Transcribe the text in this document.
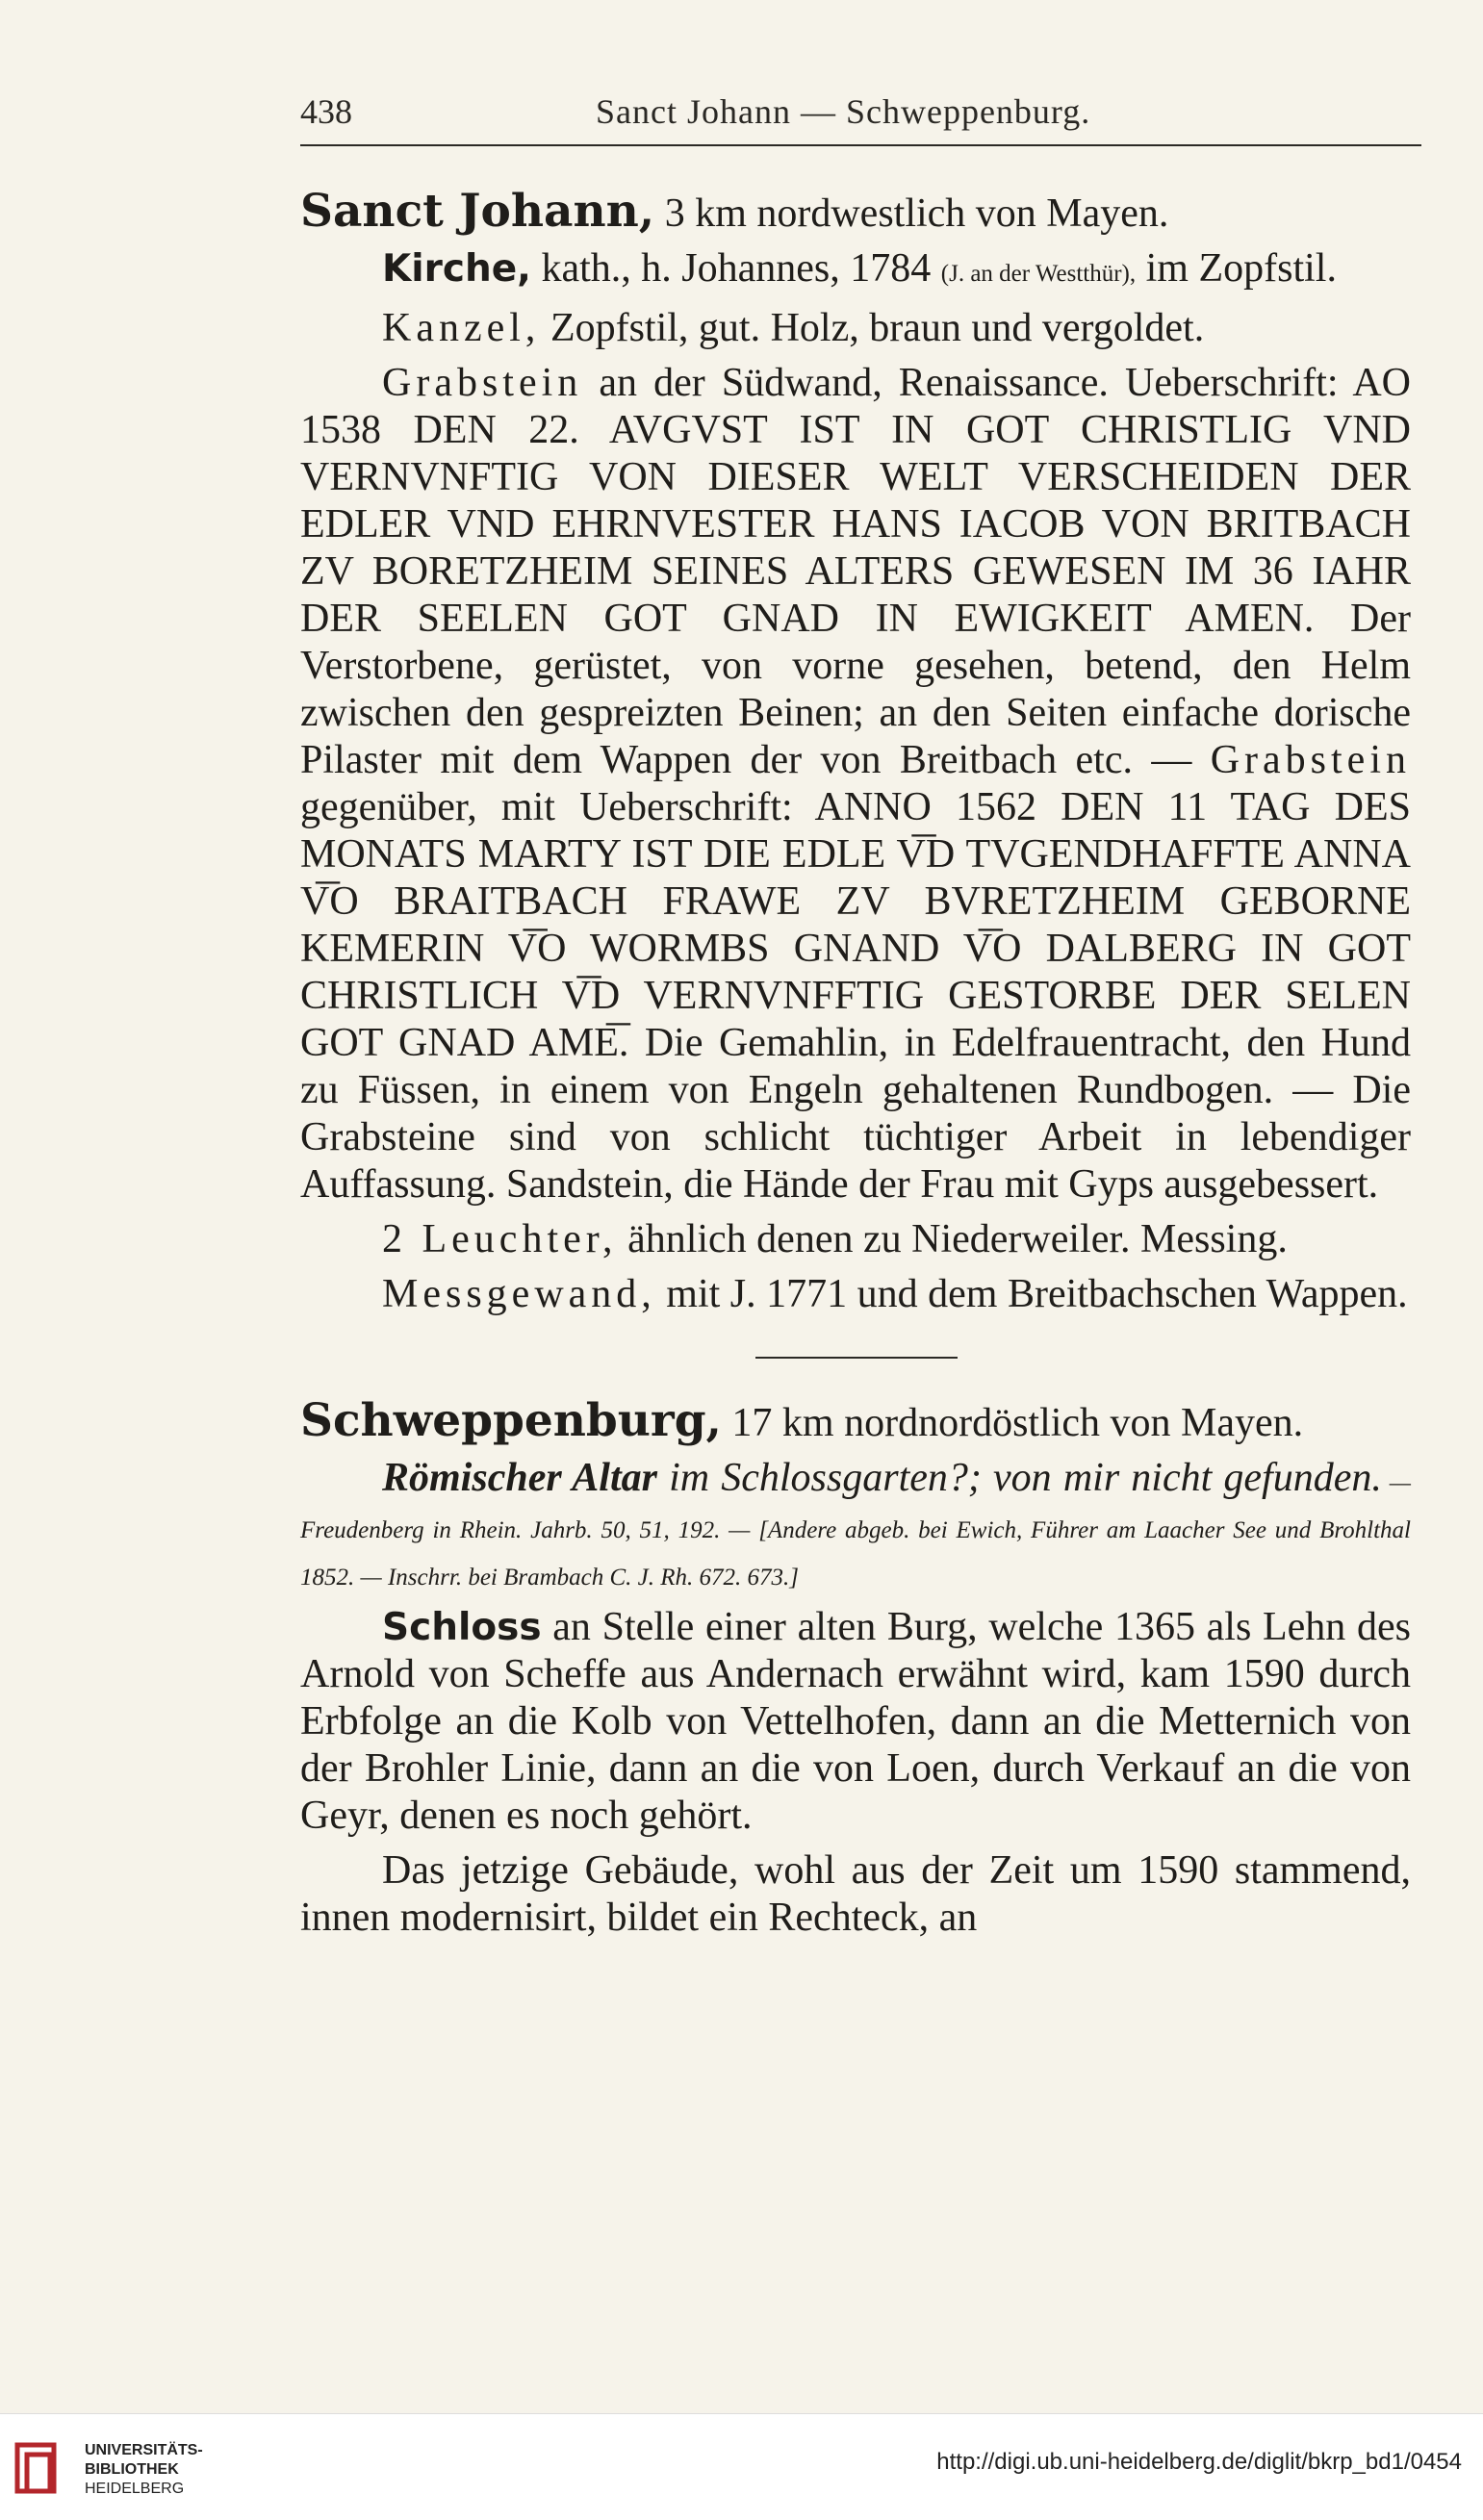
438	Sanct Johann — Schweppenburg.

Sanct Johann, 3 km nordwestlich von Mayen.

Kirche, kath., h. Johannes, 1784 (J. an der Westthür), im Zopfstil.

Kanzel, Zopfstil, gut. Holz, braun und vergoldet.

Grabstein an der Südwand, Renaissance. Ueberschrift: AO 1538 DEN 22. AVGVST IST IN GOT CHRISTLIG VND VERNVNFTIG VON DIESER WELT VERSCHEIDEN DER EDLER VND EHRNVESTER HANS IACOB VON BRITBACH ZV BORETZHEIM SEINES ALTERS GEWESEN IM 36 IAHR DER SEELEN GOT GNAD IN EWIGKEIT AMEN. Der Verstorbene, gerüstet, von vorne gesehen, betend, den Helm zwischen den gespreizten Beinen; an den Seiten einfache dorische Pilaster mit dem Wappen der von Breitbach etc. — Grabstein gegenüber, mit Ueberschrift: ANNO 1562 DEN 11 TAG DES MONATS MARTY IST DIE EDLE V͞D TVGENDHAFFTE ANNA V͞O BRAITBACH FRAWE ZV BVRETZHEIM GEBORNE KEMERIN V͞O WORMBS GNAND V͞O DALBERG IN GOT CHRISTLICH V͞D VERNVNFFTIG GESTORBE DER SELEN GOT GNAD AME͞. Die Gemahlin, in Edelfrauentracht, den Hund zu Füssen, in einem von Engeln gehaltenen Rundbogen. — Die Grabsteine sind von schlicht tüchtiger Arbeit in lebendiger Auffassung. Sandstein, die Hände der Frau mit Gyps ausgebessert.

2 Leuchter, ähnlich denen zu Niederweiler. Messing.

Messgewand, mit J. 1771 und dem Breitbachschen Wappen.

Schweppenburg, 17 km nordnordöstlich von Mayen.

Römischer Altar im Schlossgarten?; von mir nicht gefunden. — Freudenberg in Rhein. Jahrb. 50, 51, 192. — [Andere abgeb. bei Ewich, Führer am Laacher See und Brohlthal 1852. — Inschrr. bei Brambach C. J. Rh. 672. 673.]

Schloss an Stelle einer alten Burg, welche 1365 als Lehn des Arnold von Scheffe aus Andernach erwähnt wird, kam 1590 durch Erbfolge an die Kolb von Vettelhofen, dann an die Metternich von der Brohler Linie, dann an die von Loen, durch Verkauf an die von Geyr, denen es noch gehört.

Das jetzige Gebäude, wohl aus der Zeit um 1590 stammend, innen modernisirt, bildet ein Rechteck, an

UNIVERSITÄTS-
BIBLIOTHEK
HEIDELBERG
http://digi.ub.uni-heidelberg.de/diglit/bkrp_bd1/0454
